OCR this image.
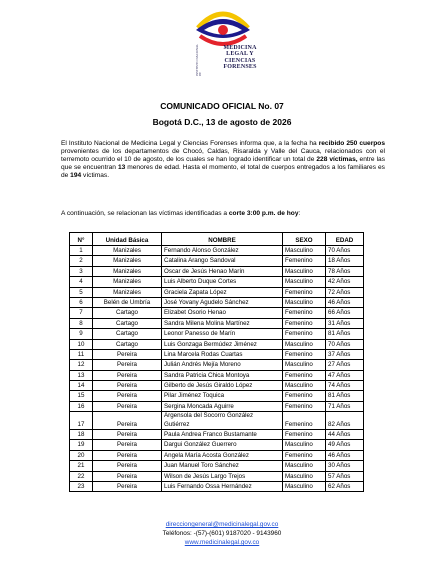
INSTITUTO NACIONAL DE
MEDICINA
LEGAL Y
CIENCIAS
FORENSES
COMUNICADO OFICIAL No. 07
Bogotá D.C., 13 de agosto de 2026
El Instituto Nacional de Medicina Legal y Ciencias Forenses informa que, a la fecha ha recibido 250 cuerpos provenientes de los departamentos de Chocó, Caldas, Risaralda y Valle del Cauca, relacionados con el terremoto ocurrido el 10 de agosto, de los cuales se han logrado identificar un total de 228 víctimas, entre las que se encuentran 13 menores de edad. Hasta el momento, el total de cuerpos entregados a los familiares es de 194 víctimas.
A continuación, se relacionan las víctimas identificadas a corte 3:00 p.m. de hoy:
N°	Unidad Básica	NOMBRE	SEXO	EDAD
1	Manizales	Fernando Alonso González	Masculino	70 Años
2	Manizales	Catalina Arango Sandoval	Femenino	18 Años
3	Manizales	Oscar de Jesús Henao Marín	Masculino	78 Años
4	Manizales	Luis Alberto Duque Cortes	Masculino	42 Años
5	Manizales	Graciela Zapata López	Femenino	72 Años
6	Belén de Umbría	José Yovany Agudelo Sánchez	Masculino	46 Años
7	Cartago	Elizabet Osorio Henao	Femenino	66 Años
8	Cartago	Sandra Milena Molina Martínez	Femenino	31 Años
9	Cartago	Leonor Panesso de Marín	Femenino	81 Años
10	Cartago	Luis Gonzaga Bermúdez Jiménez	Masculino	70 Años
11	Pereira	Lina Marcela Rodas Cuartas	Femenino	37 Años
12	Pereira	Julián Andrés Mejía Moreno	Masculino	27 Años
13	Pereira	Sandra Patricia Chica Montoya	Femenino	47 Años
14	Pereira	Gilberto de Jesús Giraldo López	Masculino	74 Años
15	Pereira	Pilar Jiménez Toquica	Femenino	81 Años
16	Pereira	Sergina Moncada Aguirre	Femenino	71 Años
17	Pereira	Argensola del Socorro González Gutiérrez	Femenino	82 Años
18	Pereira	Paula Andrea Franco Bustamante	Femenino	44 Años
19	Pereira	Dargui González Guerrero	Masculino	49 Años
20	Pereira	Angela María Acosta González	Femenino	46 Años
21	Pereira	Juan Manuel Toro Sánchez	Masculino	30 Años
22	Pereira	Wilson de Jesús Largo Trejos	Masculino	57 Años
23	Pereira	Luis Fernando Ossa Hernández	Masculino	62 Años
direcciongeneral@medicinalegal.gov.co
Teléfonos: -(57)-(601) 9187020 - 9143960
www.medicinalegal.gov.co
